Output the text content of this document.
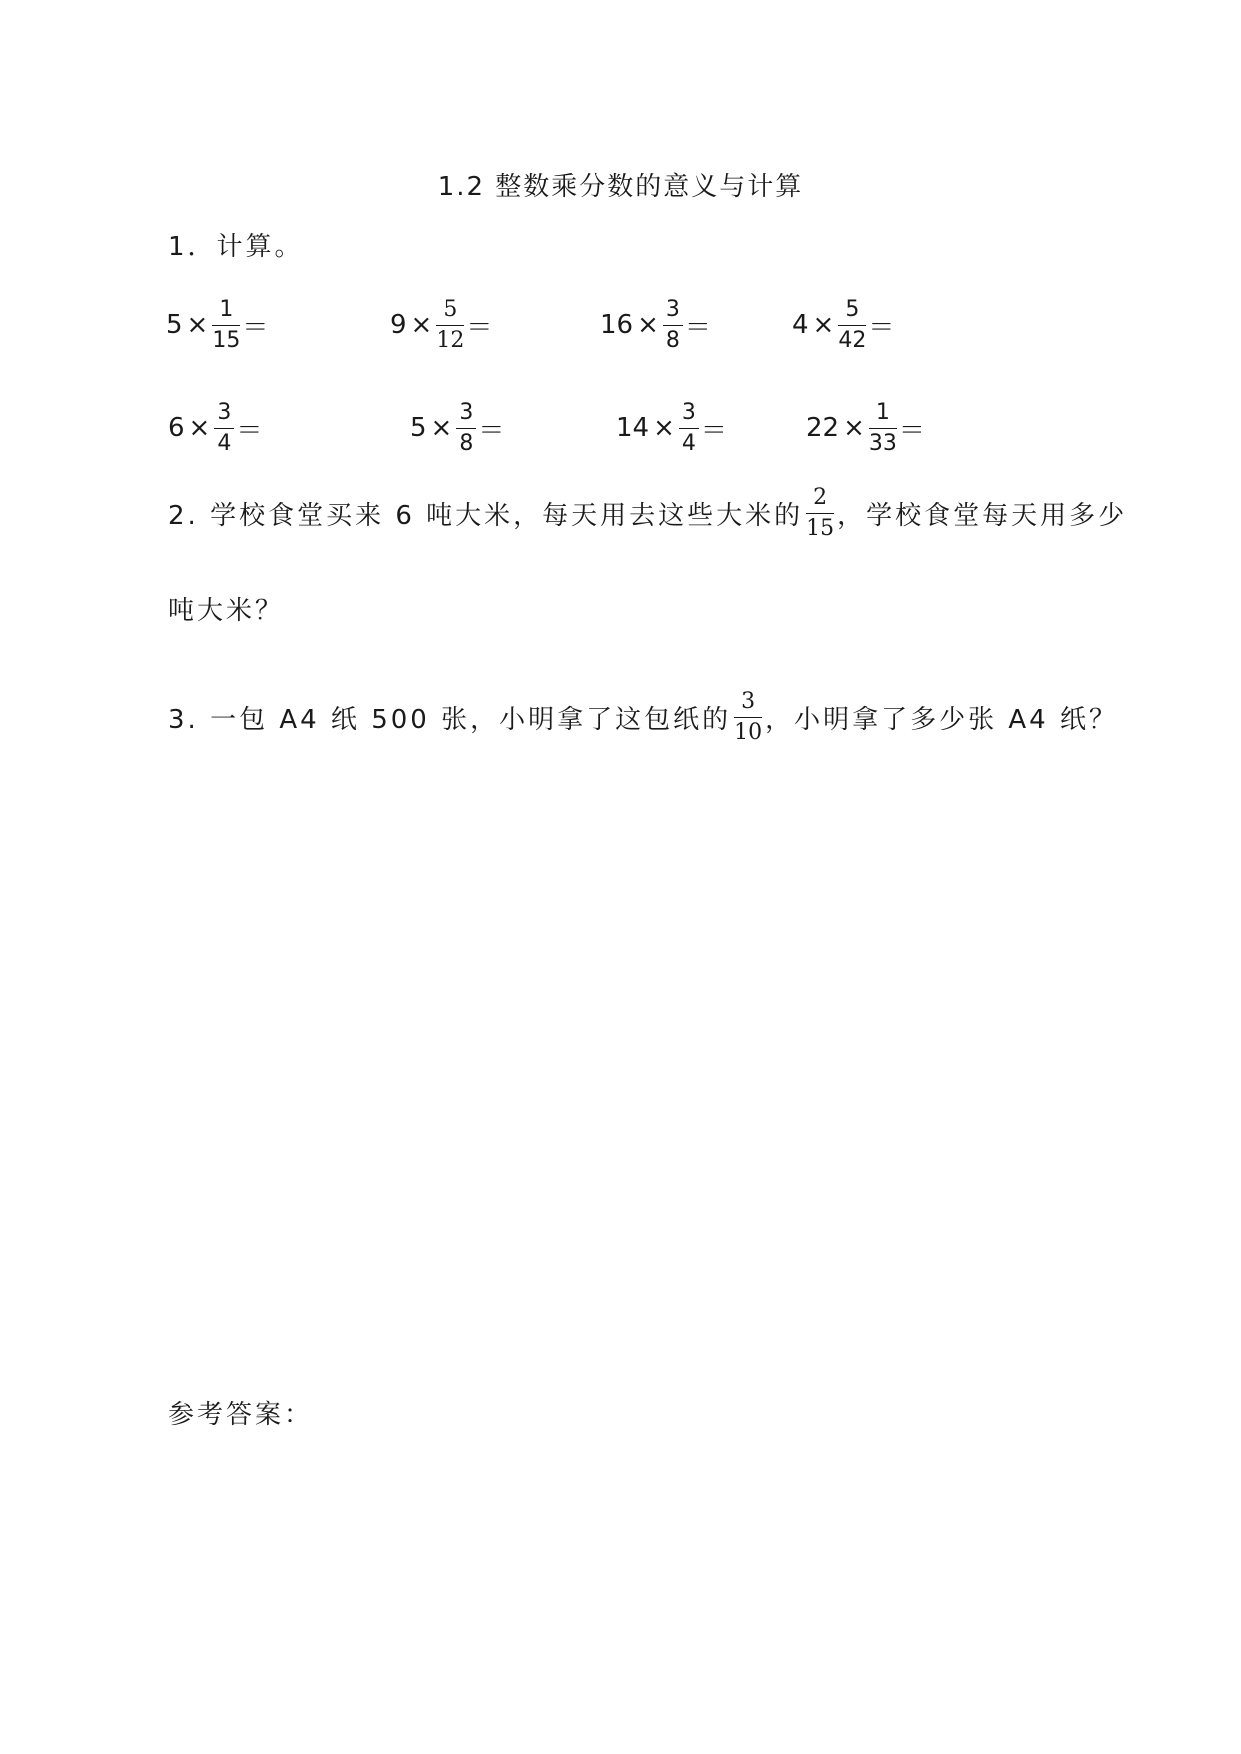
1.2 整数乘分数的意义与计算
1．计算。
$5 \times \frac{1}{15}$ ＝	$9 \times \frac{5}{12}$ ＝	$16 \times \frac{3}{8}$ ＝	$4 \times \frac{5}{42}$ ＝
$6 \times \frac{3}{4}$ ＝	$5 \times \frac{3}{8}$ ＝	$14 \times \frac{3}{4}$ ＝	$22 \times \frac{1}{33}$ ＝
2. 学校食堂买来 6 吨大米，每天用去这些大米的 $\frac{2}{15}$ ，学校食堂每天用多少
吨大米？
3. 一包 A4 纸 500 张，小明拿了这包纸的 $\frac{3}{10}$ ，小明拿了多少张 A4 纸？
参考答案：
